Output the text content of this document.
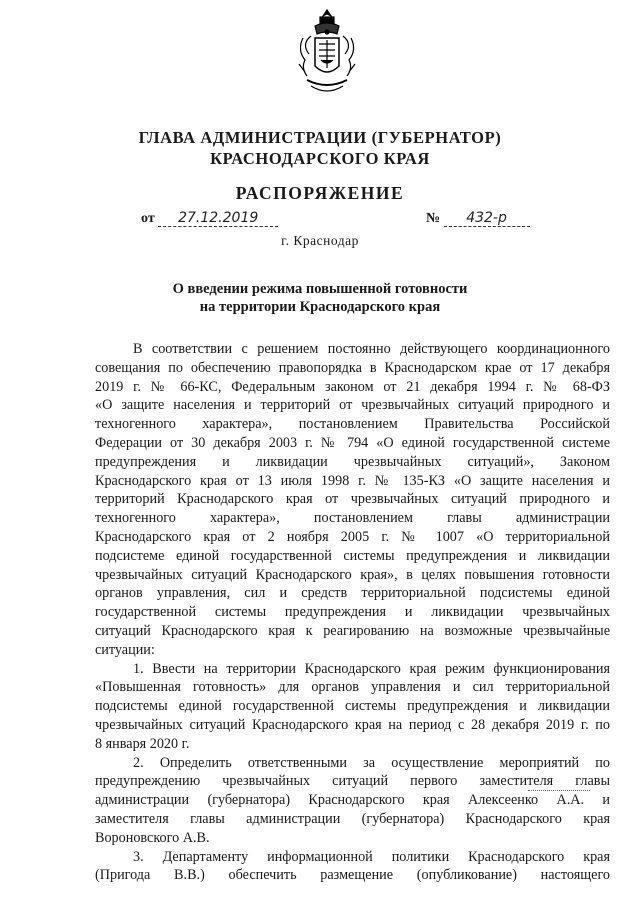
ГЛАВА АДМИНИСТРАЦИИ (ГУБЕРНАТОР)
КРАСНОДАРСКОГО КРАЯ
РАСПОРЯЖЕНИЕ
от 27.12.2019	№ 432-р
г. Краснодар
О введении режима повышенной готовности
на территории Краснодарского края
В соответствии с решением постоянно действующего координационного
совещания по обеспечению правопорядка в Краснодарском крае от 17 декабря
2019 г. № 66-КС, Федеральным законом от 21 декабря 1994 г. № 68-ФЗ
«О защите населения и территорий от чрезвычайных ситуаций природного и
техногенного характера», постановлением Правительства Российской
Федерации от 30 декабря 2003 г. № 794 «О единой государственной системе
предупреждения и ликвидации чрезвычайных ситуаций», Законом
Краснодарского края от 13 июля 1998 г. № 135-КЗ «О защите населения и
территорий Краснодарского края от чрезвычайных ситуаций природного и
техногенного характера», постановлением главы администрации
Краснодарского края от 2 ноября 2005 г. № 1007 «О территориальной
подсистеме единой государственной системы предупреждения и ликвидации
чрезвычайных ситуаций Краснодарского края», в целях повышения готовности
органов управления, сил и средств территориальной подсистемы единой
государственной системы предупреждения и ликвидации чрезвычайных
ситуаций Краснодарского края к реагированию на возможные чрезвычайные
ситуации:
1. Ввести на территории Краснодарского края режим функционирования
«Повышенная готовность» для органов управления и сил территориальной
подсистемы единой государственной системы предупреждения и ликвидации
чрезвычайных ситуаций Краснодарского края на период с 28 декабря 2019 г. по
8 января 2020 г.
2. Определить ответственными за осуществление мероприятий по
предупреждению чрезвычайных ситуаций первого заместителя главы
администрации (губернатора) Краснодарского края Алексеенко А.А. и
заместителя главы администрации (губернатора) Краснодарского края
Вороновского А.В.
3. Департаменту информационной политики Краснодарского края
(Пригода В.В.) обеспечить размещение (опубликование) настоящего
